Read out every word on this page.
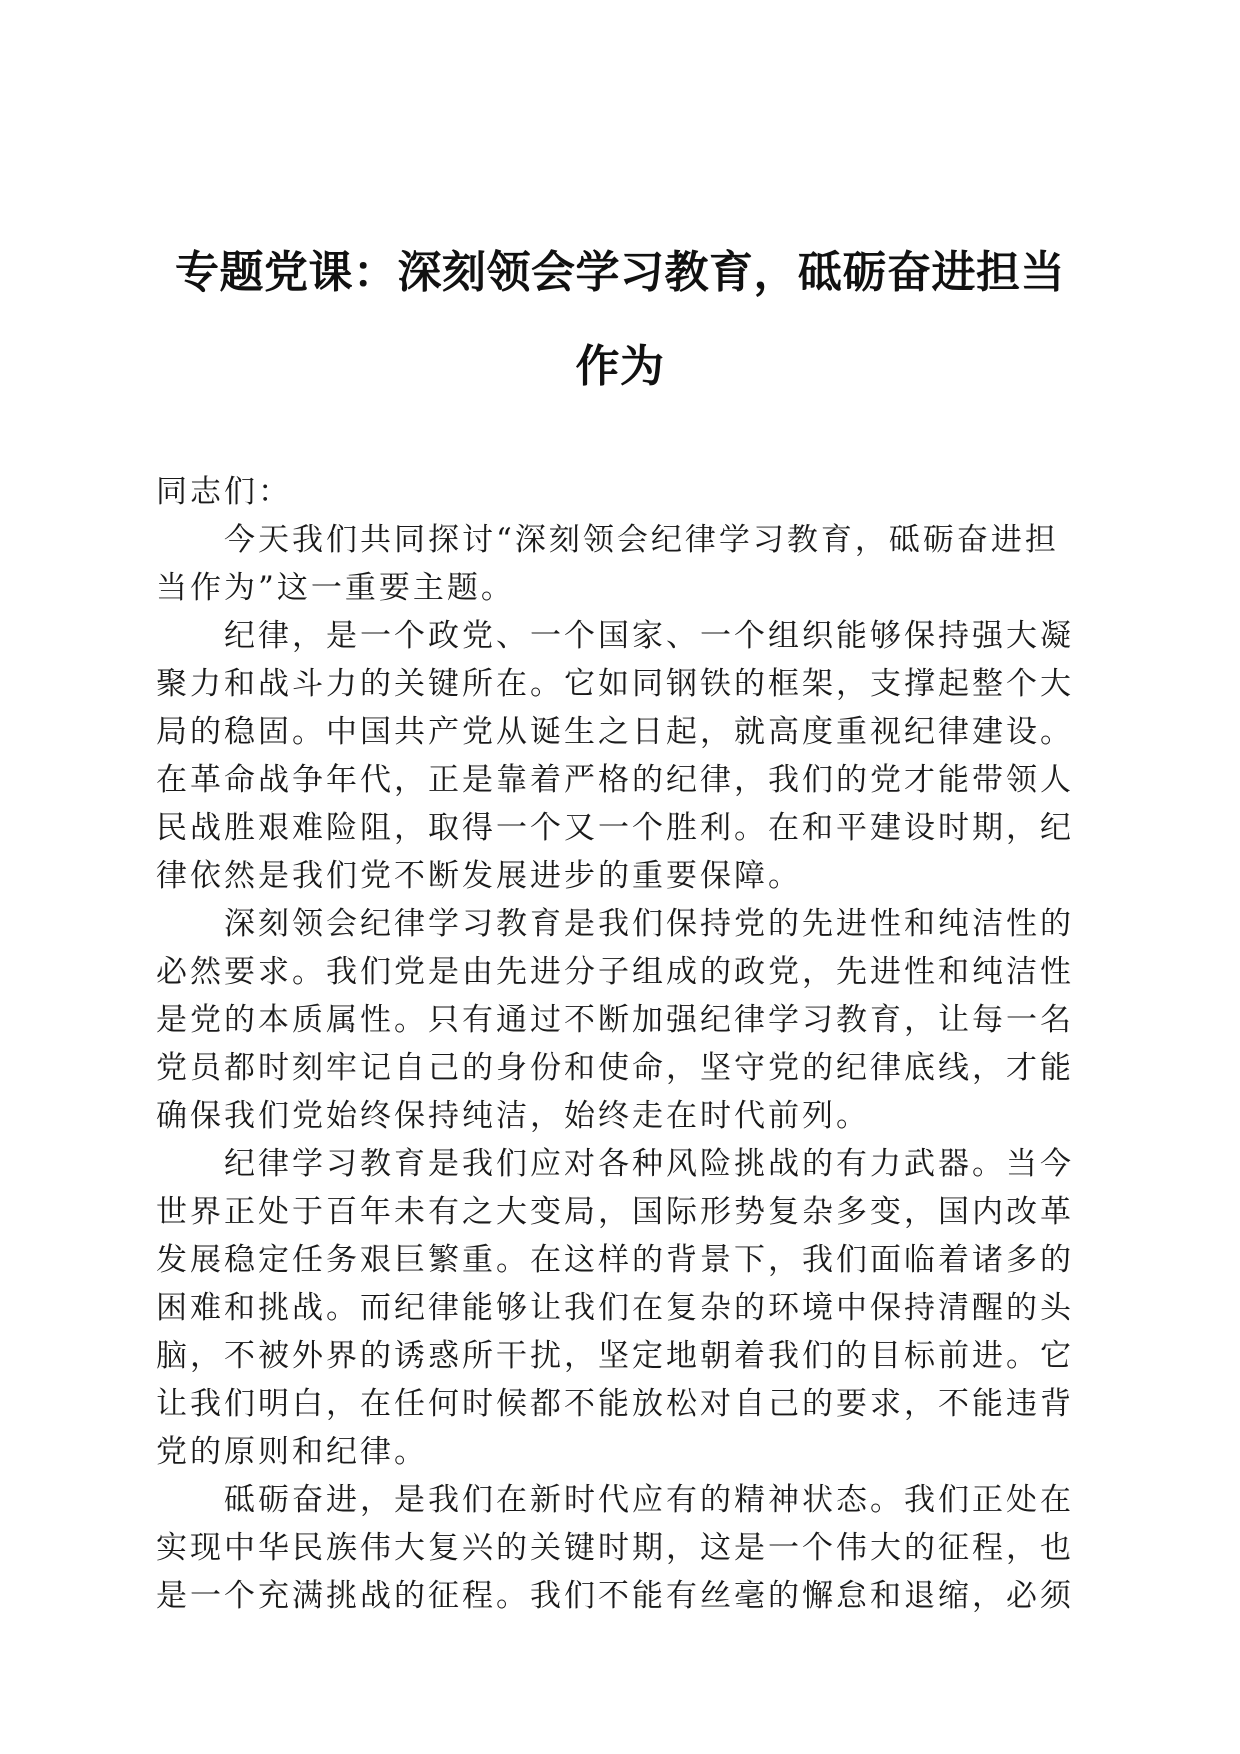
专题党课：深刻领会学习教育，砥砺奋进担当
作为
同志们：
今天我们共同探讨“深刻领会纪律学习教育，砥砺奋进担
当作为”这一重要主题。
纪律，是一个政党、一个国家、一个组织能够保持强大凝
聚力和战斗力的关键所在。它如同钢铁的框架，支撑起整个大
局的稳固。中国共产党从诞生之日起，就高度重视纪律建设。
在革命战争年代，正是靠着严格的纪律，我们的党才能带领人
民战胜艰难险阻，取得一个又一个胜利。在和平建设时期，纪
律依然是我们党不断发展进步的重要保障。
深刻领会纪律学习教育是我们保持党的先进性和纯洁性的
必然要求。我们党是由先进分子组成的政党，先进性和纯洁性
是党的本质属性。只有通过不断加强纪律学习教育，让每一名
党员都时刻牢记自己的身份和使命，坚守党的纪律底线，才能
确保我们党始终保持纯洁，始终走在时代前列。
纪律学习教育是我们应对各种风险挑战的有力武器。当今
世界正处于百年未有之大变局，国际形势复杂多变，国内改革
发展稳定任务艰巨繁重。在这样的背景下，我们面临着诸多的
困难和挑战。而纪律能够让我们在复杂的环境中保持清醒的头
脑，不被外界的诱惑所干扰，坚定地朝着我们的目标前进。它
让我们明白，在任何时候都不能放松对自己的要求，不能违背
党的原则和纪律。
砥砺奋进，是我们在新时代应有的精神状态。我们正处在
实现中华民族伟大复兴的关键时期，这是一个伟大的征程，也
是一个充满挑战的征程。我们不能有丝毫的懈怠和退缩，必须
